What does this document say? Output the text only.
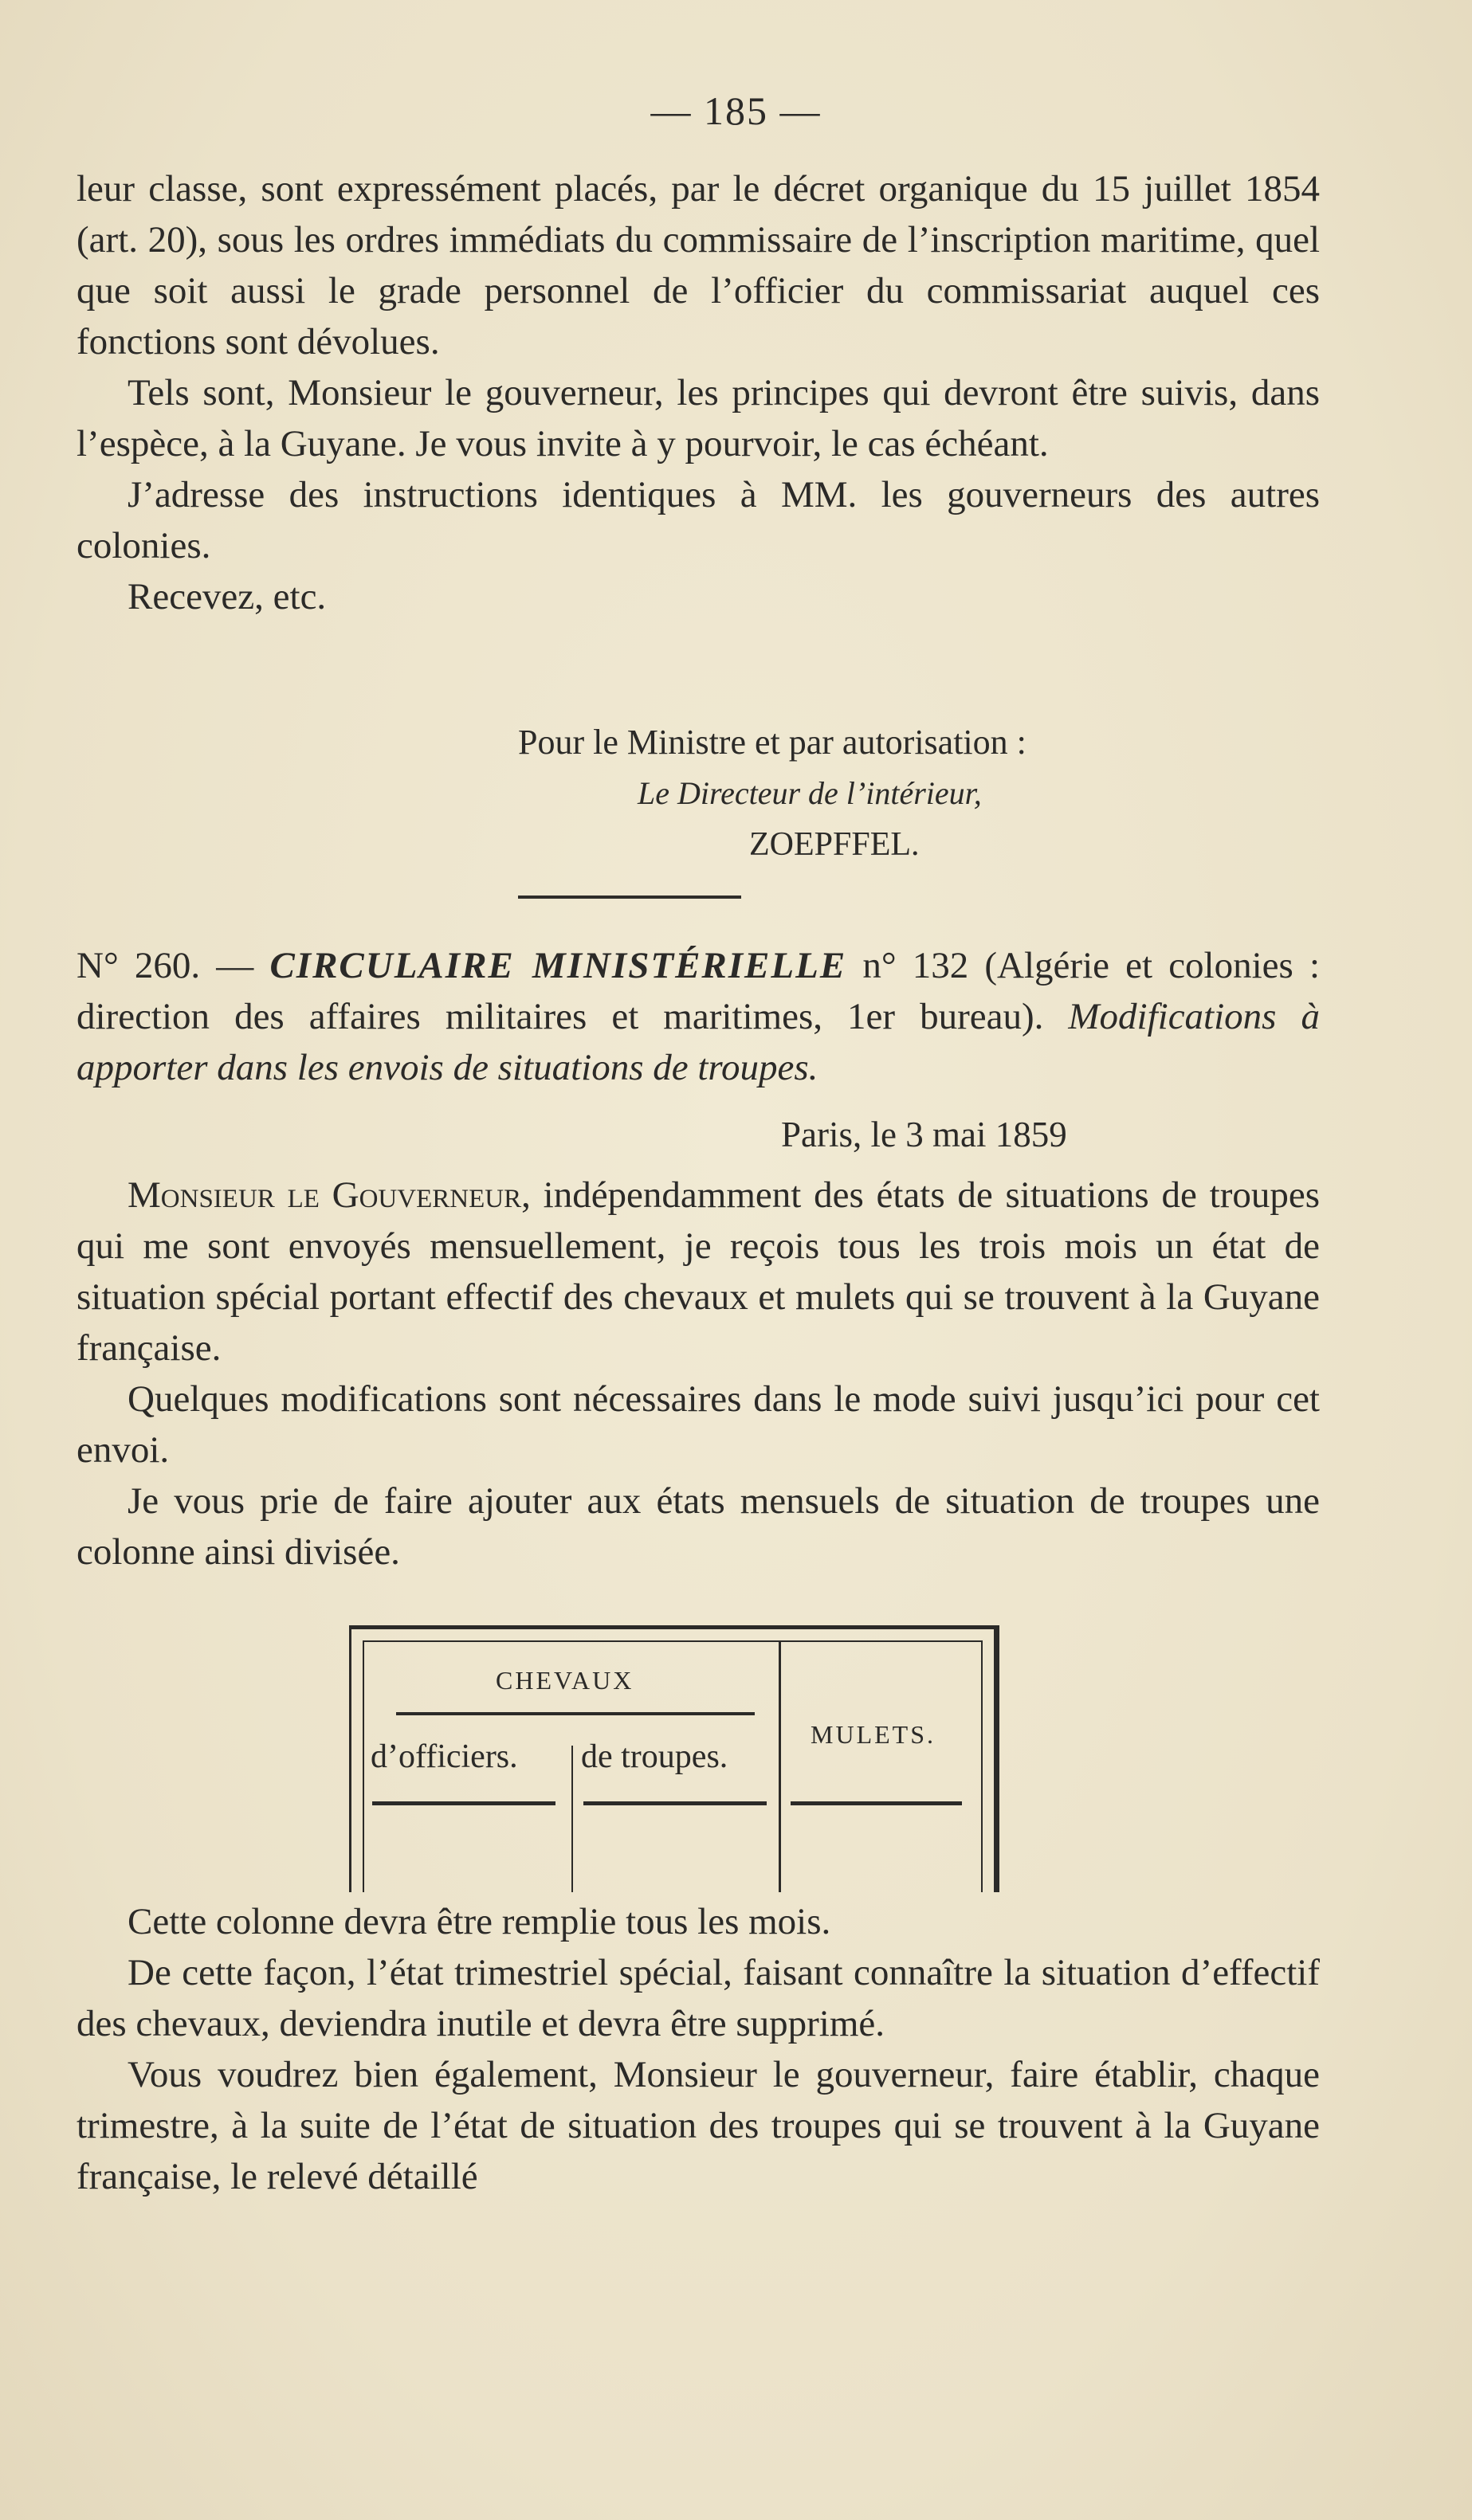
— 185 —

leur classe, sont expressément placés, par le décret organique du 15 juillet 1854 (art. 20), sous les ordres immédiats du commissaire de l’inscription maritime, quel que soit aussi le grade personnel de l’officier du commissariat auquel ces fonctions sont dévolues.

Tels sont, Monsieur le gouverneur, les principes qui devront être suivis, dans l’espèce, à la Guyane. Je vous invite à y pourvoir, le cas échéant.

J’adresse des instructions identiques à MM. les gouverneurs des autres colonies.

Recevez, etc.

Pour le Ministre et par autorisation :
Le Directeur de l’intérieur,
ZOEPFFEL.
N° 260. — CIRCULAIRE MINISTÉRIELLE n° 132 (Algérie et colonies : direction des affaires militaires et maritimes, 1er bureau). Modifications à apporter dans les envois de situations de troupes.
Paris, le 3 mai 1859

Monsieur le Gouverneur, indépendamment des états de situations de troupes qui me sont envoyés mensuellement, je reçois tous les trois mois un état de situation spécial portant effectif des chevaux et mulets qui se trouvent à la Guyane française.

Quelques modifications sont nécessaires dans le mode suivi jusqu’ici pour cet envoi.

Je vous prie de faire ajouter aux états mensuels de situation de troupes une colonne ainsi divisée.

CHEVAUX
d’officiers. de troupes.
MULETS.

Cette colonne devra être remplie tous les mois.

De cette façon, l’état trimestriel spécial, faisant connaître la situation d’effectif des chevaux, deviendra inutile et devra être supprimé.

Vous voudrez bien également, Monsieur le gouverneur, faire établir, chaque trimestre, à la suite de l’état de situation des troupes qui se trouvent à la Guyane française, le relevé détaillé
